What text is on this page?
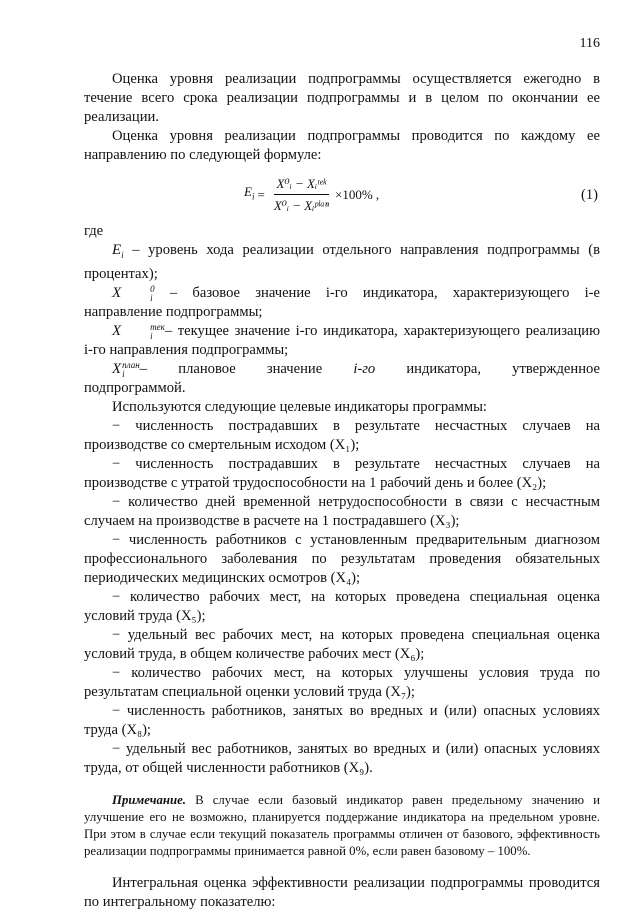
116

Оценка уровня реализации подпрограммы осуществляется ежегодно в течение всего срока реализации подпрограммы и в целом по окончании ее реализации.

Оценка уровня реализации подпрограммы проводится по каждому ее направлению по следующей формуле:

$E_i = \frac{\text{X⁰ᵢ − Xᵢᵗᵉᵏ}}{\text{X⁰ᵢ − Xᵢᵖˡᵃⁿ}} \times 100\%$ ,	(1)

где

$E_i$ – уровень хода реализации отдельного направления подпрограммы (в процентах);

X	0
i – базовое значение i-го индикатора, характеризующего i-е направление подпрограммы;

X	тек
i – текущее значение i-го индикатора, характеризующего реализацию i-го направления подпрограммы;

X план
i – плановое значение i-го индикатора, утвержденное

подпрограммой.

Используются следующие целевые индикаторы программы:

− численность пострадавших в результате несчастных случаев на производстве со смертельным исходом (X₁);

− численность пострадавших в результате несчастных случаев на производстве с утратой трудоспособности на 1 рабочий день и более (X₂);

− количество дней временной нетрудоспособности в связи с несчастным случаем на производстве в расчете на 1 пострадавшего (X₃);

− численность работников с установленным предварительным диагнозом профессионального заболевания по результатам проведения обязательных периодических медицинских осмотров (X₄);

− количество рабочих мест, на которых проведена специальная оценка условий труда (X₅);

− удельный вес рабочих мест, на которых проведена специальная оценка условий труда, в общем количестве рабочих мест (X₆);

− количество рабочих мест, на которых улучшены условия труда по результатам специальной оценки условий труда (X₇);

− численность работников, занятых во вредных и (или) опасных условиях труда (X₈);

− удельный вес работников, занятых во вредных и (или) опасных условиях труда, от общей численности работников (X₉).

Примечание. В случае если базовый индикатор равен предельному значению и улучшение его не возможно, планируется поддержание индикатора на предельном уровне. При этом в случае если текущий показатель программы отличен от базового, эффективность реализации подпрограммы принимается равной 0%, если равен базовому – 100%.

Интегральная оценка эффективности реализации подпрограммы проводится по интегральному показателю:
